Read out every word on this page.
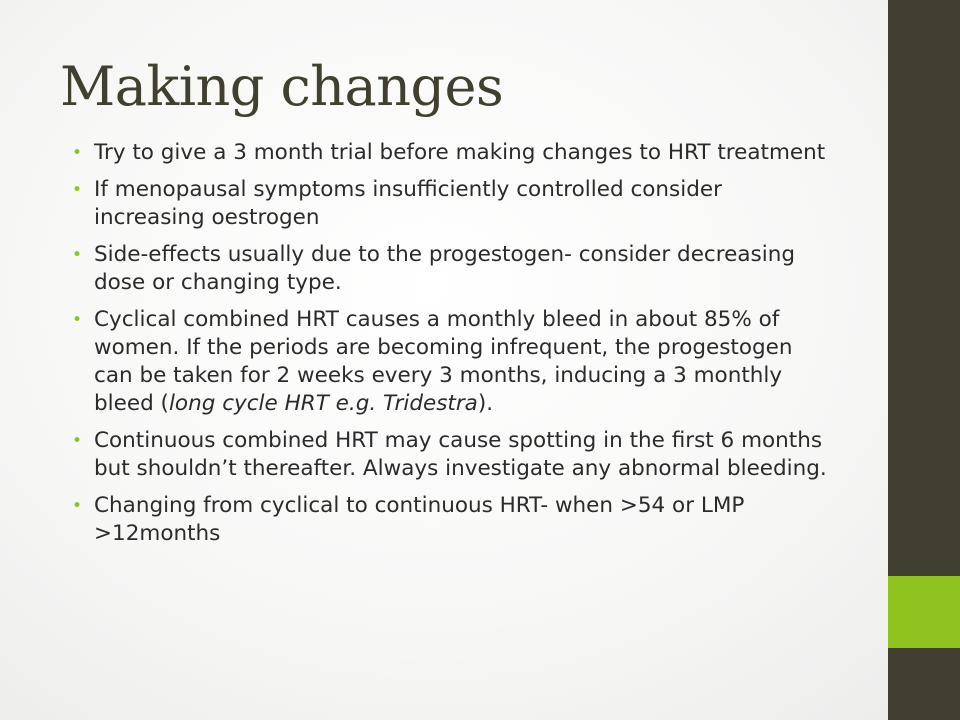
Making changes
• Try to give a 3 month trial before making changes to HRT treatment
• If menopausal symptoms insufficiently controlled consider increasing oestrogen
• Side-effects usually due to the progestogen- consider decreasing dose or changing type.
• Cyclical combined HRT causes a monthly bleed in about 85% of women. If the periods are becoming infrequent, the progestogen can be taken for 2 weeks every 3 months, inducing a 3 monthly bleed (long cycle HRT e.g. Tridestra).
• Continuous combined HRT may cause spotting in the first 6 months but shouldn’t thereafter. Always investigate any abnormal bleeding.
• Changing from cyclical to continuous HRT- when >54 or LMP >12months
